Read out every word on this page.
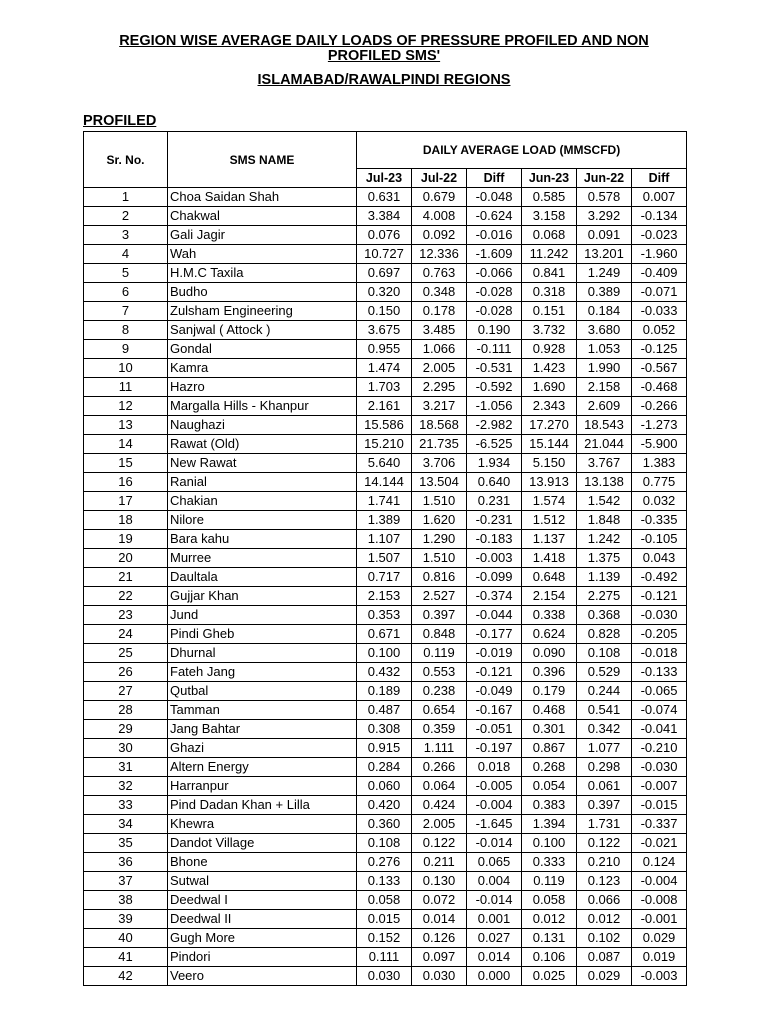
REGION WISE AVERAGE DAILY LOADS OF PRESSURE PROFILED AND NON
PROFILED SMS'
ISLAMABAD/RAWALPINDI REGIONS
PROFILED
Sr. No.	SMS NAME	DAILY AVERAGE LOAD (MMSCFD)					
		Jul-23	Jul-22	Diff	Jun-23	Jun-22	Diff
1	Choa Saidan Shah	0.631	0.679	-0.048	0.585	0.578	0.007
2	Chakwal	3.384	4.008	-0.624	3.158	3.292	-0.134
3	Gali Jagir	0.076	0.092	-0.016	0.068	0.091	-0.023
4	Wah	10.727	12.336	-1.609	11.242	13.201	-1.960
5	H.M.C Taxila	0.697	0.763	-0.066	0.841	1.249	-0.409
6	Budho	0.320	0.348	-0.028	0.318	0.389	-0.071
7	Zulsham Engineering	0.150	0.178	-0.028	0.151	0.184	-0.033
8	Sanjwal ( Attock )	3.675	3.485	0.190	3.732	3.680	0.052
9	Gondal	0.955	1.066	-0.111	0.928	1.053	-0.125
10	Kamra	1.474	2.005	-0.531	1.423	1.990	-0.567
11	Hazro	1.703	2.295	-0.592	1.690	2.158	-0.468
12	Margalla Hills - Khanpur	2.161	3.217	-1.056	2.343	2.609	-0.266
13	Naughazi	15.586	18.568	-2.982	17.270	18.543	-1.273
14	Rawat (Old)	15.210	21.735	-6.525	15.144	21.044	-5.900
15	New Rawat	5.640	3.706	1.934	5.150	3.767	1.383
16	Ranial	14.144	13.504	0.640	13.913	13.138	0.775
17	Chakian	1.741	1.510	0.231	1.574	1.542	0.032
18	Nilore	1.389	1.620	-0.231	1.512	1.848	-0.335
19	Bara kahu	1.107	1.290	-0.183	1.137	1.242	-0.105
20	Murree	1.507	1.510	-0.003	1.418	1.375	0.043
21	Daultala	0.717	0.816	-0.099	0.648	1.139	-0.492
22	Gujjar Khan	2.153	2.527	-0.374	2.154	2.275	-0.121
23	Jund	0.353	0.397	-0.044	0.338	0.368	-0.030
24	Pindi Gheb	0.671	0.848	-0.177	0.624	0.828	-0.205
25	Dhurnal	0.100	0.119	-0.019	0.090	0.108	-0.018
26	Fateh Jang	0.432	0.553	-0.121	0.396	0.529	-0.133
27	Qutbal	0.189	0.238	-0.049	0.179	0.244	-0.065
28	Tamman	0.487	0.654	-0.167	0.468	0.541	-0.074
29	Jang Bahtar	0.308	0.359	-0.051	0.301	0.342	-0.041
30	Ghazi	0.915	1.111	-0.197	0.867	1.077	-0.210
31	Altern Energy	0.284	0.266	0.018	0.268	0.298	-0.030
32	Harranpur	0.060	0.064	-0.005	0.054	0.061	-0.007
33	Pind Dadan Khan + Lilla	0.420	0.424	-0.004	0.383	0.397	-0.015
34	Khewra	0.360	2.005	-1.645	1.394	1.731	-0.337
35	Dandot Village	0.108	0.122	-0.014	0.100	0.122	-0.021
36	Bhone	0.276	0.211	0.065	0.333	0.210	0.124
37	Sutwal	0.133	0.130	0.004	0.119	0.123	-0.004
38	Deedwal I	0.058	0.072	-0.014	0.058	0.066	-0.008
39	Deedwal II	0.015	0.014	0.001	0.012	0.012	-0.001
40	Gugh More	0.152	0.126	0.027	0.131	0.102	0.029
41	Pindori	0.111	0.097	0.014	0.106	0.087	0.019
42	Veero	0.030	0.030	0.000	0.025	0.029	-0.003
